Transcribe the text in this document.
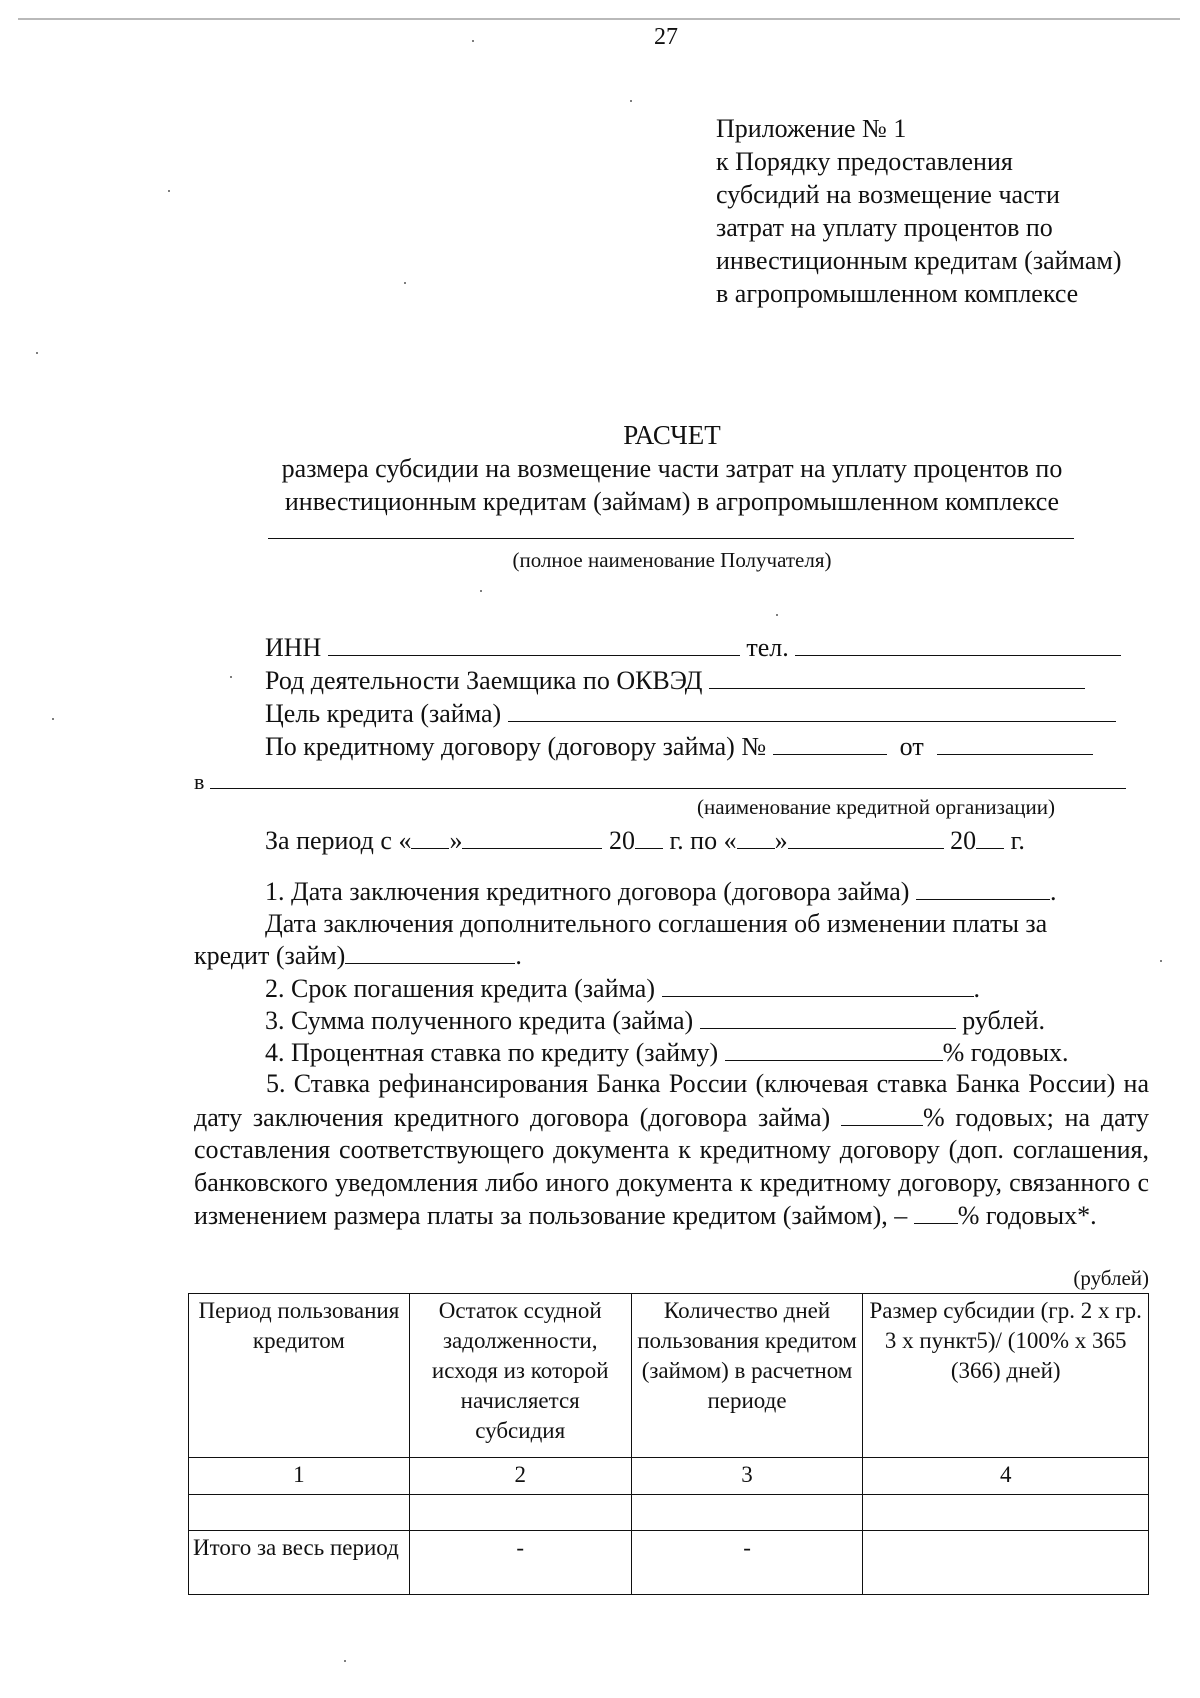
27
Приложение № 1
к Порядку предоставления
субсидий на возмещение части
затрат на уплату процентов по
инвестиционным кредитам (займам)
в агропромышленном комплексе
РАСЧЕТ
размера субсидии на возмещение части затрат на уплату процентов по
инвестиционным кредитам (займам) в агропромышленном комплексе
(полное наименование Получателя)
ИНН	тел.
Род деятельности Заемщика по ОКВЭД
Цель кредита (займа)
По кредитному договору (договору займа) №	от
в
(наименование кредитной организации)
За период с « »	20 г. по « »	20 г.
1. Дата заключения кредитного договора (договора займа)	.
Дата заключения дополнительного соглашения об изменении платы за
кредит (займ)	.
2. Срок погашения кредита (займа)	.
3. Сумма полученного кредита (займа)	рублей.
4. Процентная ставка по кредиту (займу)	% годовых.
5. Ставка рефинансирования Банка России (ключевая ставка Банка России) на дату заключения кредитного договора (договора займа)	% годовых; на дату составления соответствующего документа к кредитному договору (доп. соглашения, банковского уведомления либо иного документа к кредитному договору, связанного с изменением размера платы за пользование кредитом (займом), – % годовых*.
(рублей)
Период пользования кредитом	Остаток ссудной задолженности, исходя из которой начисляется субсидия	Количество дней пользования кредитом (займом) в расчетном периоде	Размер субсидии (гр. 2 х гр. 3 х пункт5)/ (100% х 365 (366) дней)
1	2	3	4

Итого за весь период	-	-	
